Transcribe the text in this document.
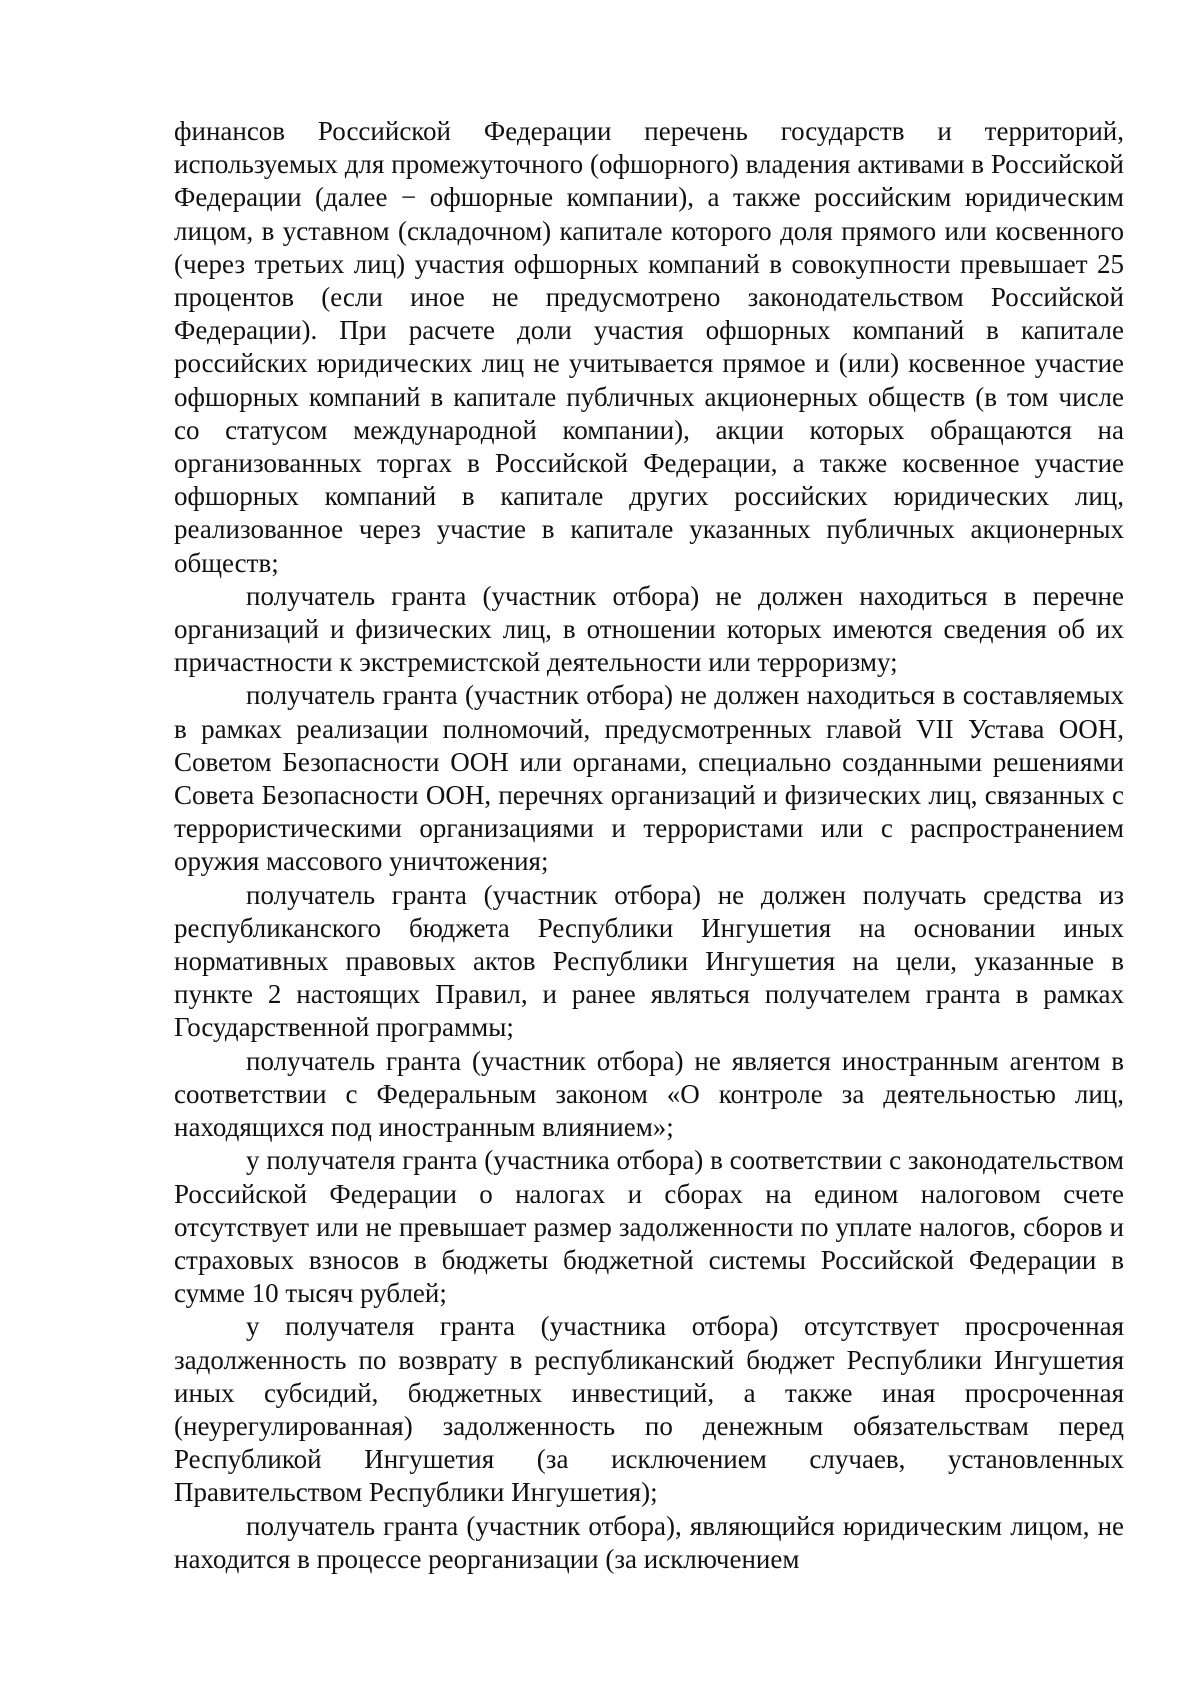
финансов Российской Федерации перечень государств и территорий, используемых для промежуточного (офшорного) владения активами в Российской Федерации (далее − офшорные компании), а также российским юридическим лицом, в уставном (складочном) капитале которого доля прямого или косвенного (через третьих лиц) участия офшорных компаний в совокупности превышает 25 процентов (если иное не предусмотрено законодательством Российской Федерации). При расчете доли участия офшорных компаний в капитале российских юридических лиц не учитывается прямое и (или) косвенное участие офшорных компаний в капитале публичных акционерных обществ (в том числе со статусом международной компании), акции которых обращаются на организованных торгах в Российской Федерации, а также косвенное участие офшорных компаний в капитале других российских юридических лиц, реализованное через участие в капитале указанных публичных акционерных обществ;

получатель гранта (участник отбора) не должен находиться в перечне организаций и физических лиц, в отношении которых имеются сведения об их причастности к экстремистской деятельности или терроризму;

получатель гранта (участник отбора) не должен находиться в составляемых в рамках реализации полномочий, предусмотренных главой VII Устава ООН, Советом Безопасности ООН или органами, специально созданными решениями Совета Безопасности ООН, перечнях организаций и физических лиц, связанных с террористическими организациями и террористами или с распространением оружия массового уничтожения;

получатель гранта (участник отбора) не должен получать средства из республиканского бюджета Республики Ингушетия на основании иных нормативных правовых актов Республики Ингушетия на цели, указанные в пункте 2 настоящих Правил, и ранее являться получателем гранта в рамках Государственной программы;

получатель гранта (участник отбора) не является иностранным агентом в соответствии с Федеральным законом «О контроле за деятельностью лиц, находящихся под иностранным влиянием»;

у получателя гранта (участника отбора) в соответствии с законодательством Российской Федерации о налогах и сборах на едином налоговом счете отсутствует или не превышает размер задолженности по уплате налогов, сборов и страховых взносов в бюджеты бюджетной системы Российской Федерации в сумме 10 тысяч рублей;

у получателя гранта (участника отбора) отсутствует просроченная задолженность по возврату в республиканский бюджет Республики Ингушетия иных субсидий, бюджетных инвестиций, а также иная просроченная (неурегулированная) задолженность по денежным обязательствам перед Республикой Ингушетия (за исключением случаев, установленных Правительством Республики Ингушетия);

получатель гранта (участник отбора), являющийся юридическим лицом, не находится в процессе реорганизации (за исключением
